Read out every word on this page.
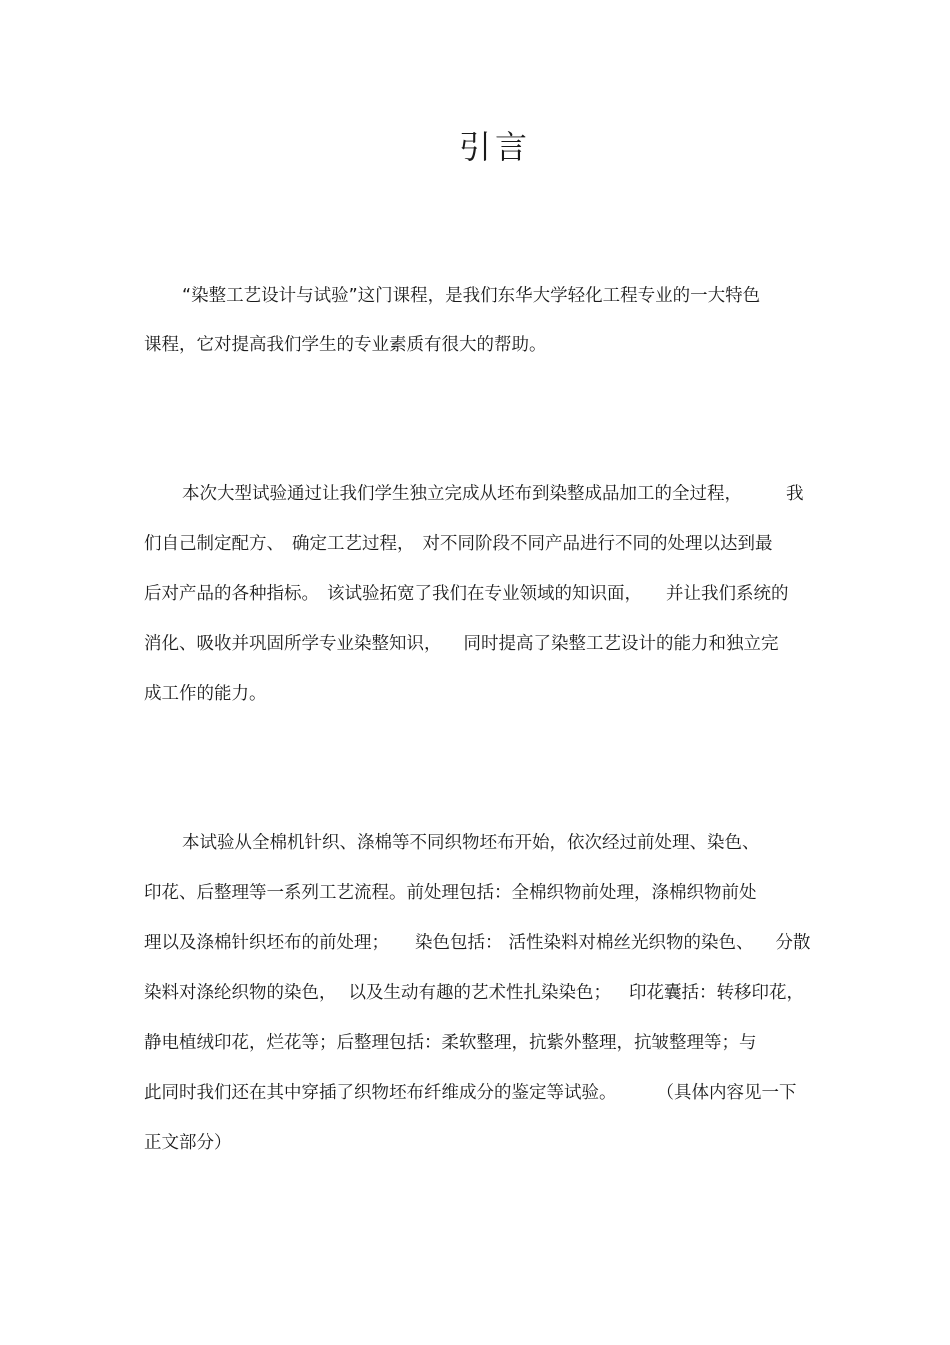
引言

“染整工艺设计与试验”这门课程，是我们东华大学轻化工程专业的一大特色

课程，它对提高我们学生的专业素质有很大的帮助。

本次大型试验通过让我们学生独立完成从坯布到染整成品加工的全过程，	我

们自己制定配方、 确定工艺过程， 对不同阶段不同产品进行不同的处理以达到最

后对产品的各种指标。 该试验拓宽了我们在专业领域的知识面， 并让我们系统的

消化、吸收并巩固所学专业染整知识， 同时提高了染整工艺设计的能力和独立完

成工作的能力。

本试验从全棉机针织、涤棉等不同织物坯布开始，依次经过前处理、染色、

印花、后整理等一系列工艺流程。前处理包括：全棉织物前处理，涤棉织物前处

理以及涤棉针织坯布的前处理； 染色包括： 活性染料对棉丝光织物的染色、 分散

染料对涤纶织物的染色， 以及生动有趣的艺术性扎染染色； 印花囊括：转移印花，

静电植绒印花，烂花等；后整理包括：柔软整理，抗紫外整理，抗皱整理等；与

此同时我们还在其中穿插了织物坯布纤维成分的鉴定等试验。 （具体内容见一下

正文部分）
